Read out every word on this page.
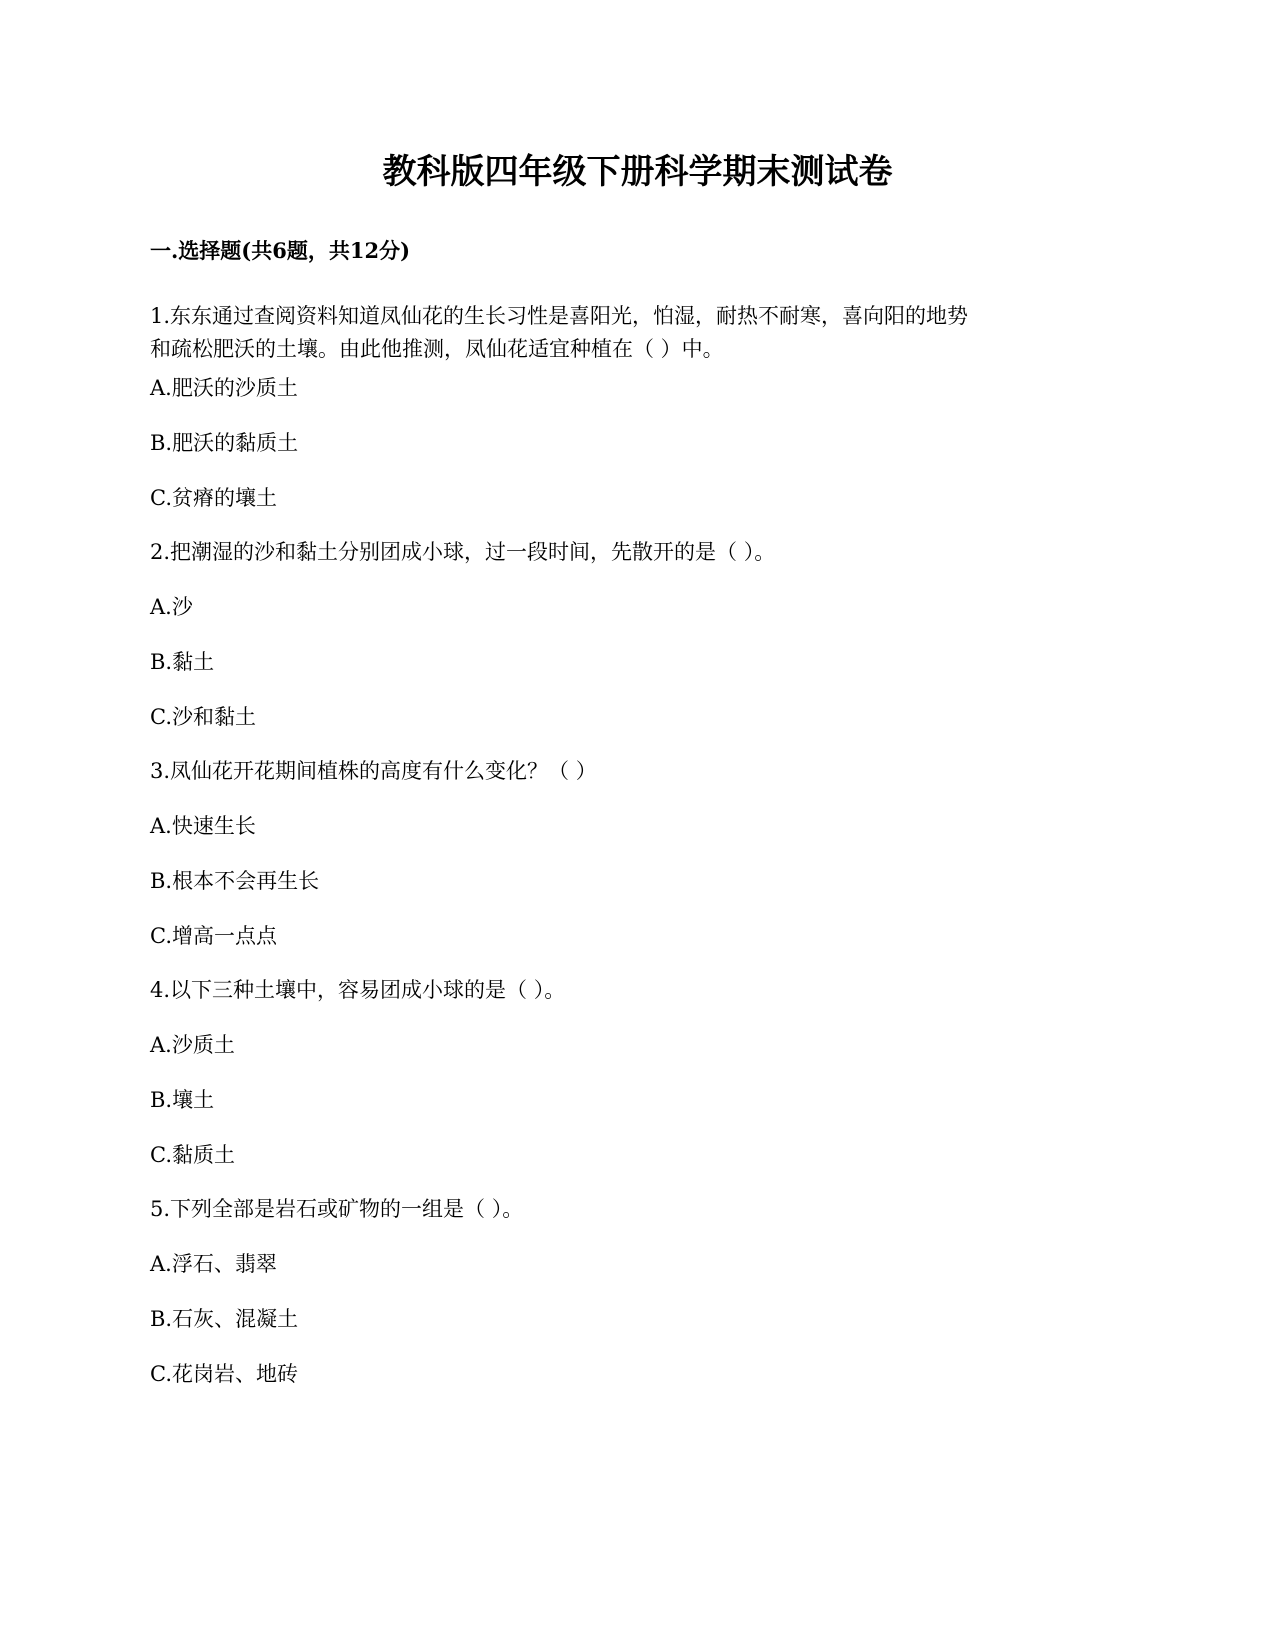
教科版四年级下册科学期末测试卷
一.选择题(共6题，共12分)
1.东东通过查阅资料知道凤仙花的生长习性是喜阳光，怕湿，耐热不耐寒，喜向阳的地势
和疏松肥沃的土壤。由此他推测，凤仙花适宜种植在（ ）中。
A.肥沃的沙质土
B.肥沃的黏质土
C.贫瘠的壤土
2.把潮湿的沙和黏土分别团成小球，过一段时间，先散开的是（ ）。
A.沙
B.黏土
C.沙和黏土
3.凤仙花开花期间植株的高度有什么变化？（ ）
A.快速生长
B.根本不会再生长
C.增高一点点
4.以下三种土壤中，容易团成小球的是（ ）。
A.沙质土
B.壤土
C.黏质土
5.下列全部是岩石或矿物的一组是（ ）。
A.浮石、翡翠
B.石灰、混凝土
C.花岗岩、地砖
